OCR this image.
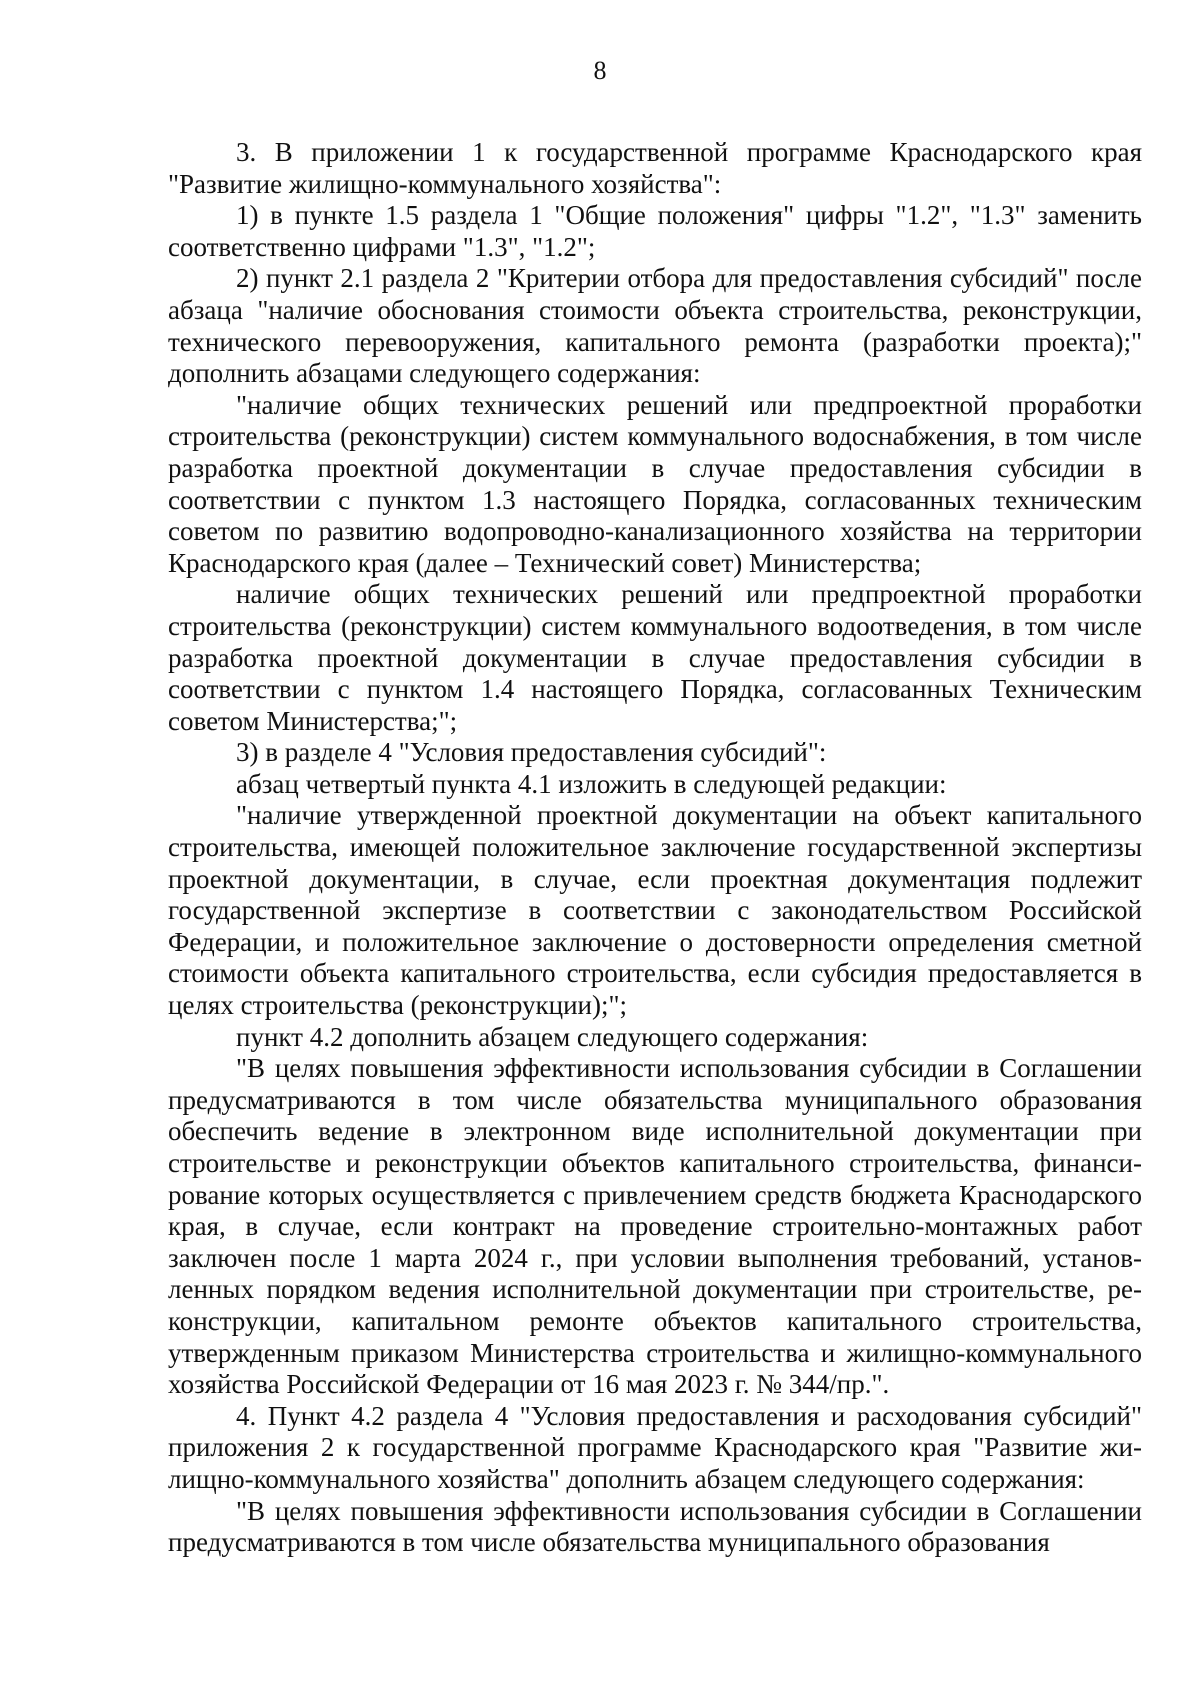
8

3. В приложении 1 к государственной программе Краснодарского края "Развитие жилищно-коммунального хозяйства":

1) в пункте 1.5 раздела 1 "Общие положения" цифры "1.2", "1.3" заменить соответственно цифрами "1.3", "1.2";

2) пункт 2.1 раздела 2 "Критерии отбора для предоставления субсидий" после абзаца "наличие обоснования стоимости объекта строительства, реконструкции, технического перевооружения, капитального ремонта (разработки проекта);" дополнить абзацами следующего содержания:

"наличие общих технических решений или предпроектной проработки строительства (реконструкции) систем коммунального водоснабжения, в том числе разработка проектной документации в случае предоставления субсидии в соответствии с пунктом 1.3 настоящего Порядка, согласованных техническим советом по развитию водопроводно-канализационного хозяйства на территории Краснодарского края (далее – Технический совет) Министерства;

наличие общих технических решений или предпроектной проработки строительства (реконструкции) систем коммунального водоотведения, в том числе разработка проектной документации в случае предоставления субсидии в соответствии с пунктом 1.4 настоящего Порядка, согласованных Техническим советом Министерства;";

3) в разделе 4 "Условия предоставления субсидий":

абзац четвертый пункта 4.1 изложить в следующей редакции:

"наличие утвержденной проектной документации на объект капитального строительства, имеющей положительное заключение государственной экспертизы проектной документации, в случае, если проектная документация подлежит государственной экспертизе в соответствии с законодательством Российской Федерации, и положительное заключение о достоверности определения сметной стоимости объекта капитального строительства, если субсидия предоставляется в целях строительства (реконструкции);";

пункт 4.2 дополнить абзацем следующего содержания:

"В целях повышения эффективности использования субсидии в Соглашении предусматриваются в том числе обязательства муниципального образования обеспечить ведение в электронном виде исполнительной документации при строительстве и реконструкции объектов капитального строительства, финансирование которых осуществляется с привлечением средств бюджета Краснодарского края, в случае, если контракт на проведение строительно-монтажных работ заключен после 1 марта 2024 г., при условии выполнения требований, установленных порядком ведения исполнительной документации при строительстве, реконструкции, капитальном ремонте объектов капитального строительства, утвержденным приказом Министерства строительства и жилищно-коммунального хозяйства Российской Федерации от 16 мая 2023 г. № 344/пр.".

4. Пункт 4.2 раздела 4 "Условия предоставления и расходования субсидий" приложения 2 к государственной программе Краснодарского края "Развитие жилищно-коммунального хозяйства" дополнить абзацем следующего содержания:

"В целях повышения эффективности использования субсидии в Соглашении предусматриваются в том числе обязательства муниципального образования
